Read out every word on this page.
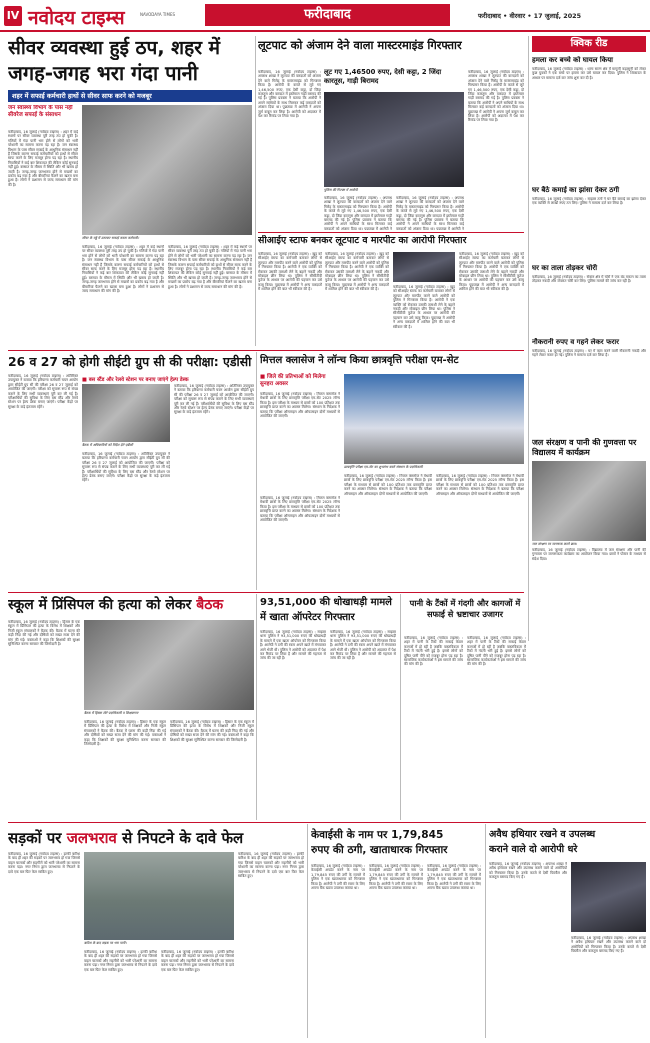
IV नवोदय टाइम्स	NAVODAYA TIMES	फरीदाबाद	फरीदाबाद • वीरवार • 17 जुलाई, 2025
सीवर व्यवस्था हुई ठप, शहर में
जगह-जगह भरा गंदा पानी
शहर में सफाई कर्मचारी हाथों से सीवर साफ करने को मजबूर
जन स्वास्थ्य विभाग के पास नहीं सीवरेज सफाई के संसाधन
सीवर के गड्ढे में उतरकर सफाई करता कर्मचारी।
फरीदाबाद, 16 जुलाई (नवोदय टाइम्स) : शहर में कई स्थानों पर सीवर व्यवस्था पूरी तरह ठप हो चुकी है। गलियों में गंदा पानी भरा होने से लोगों को भारी परेशानी का सामना करना पड़ रहा है। जन स्वास्थ्य विभाग के पास सीवर सफाई के आधुनिक संसाधन नहीं हैं जिसके कारण सफाई कर्मचारियों को हाथों से सीवर साफ करने के लिए मजबूर होना पड़ रहा है। स्थानीय निवासियों ने कई बार शिकायत की लेकिन कोई सुनवाई नहीं हुई। बरसात के मौसम में स्थिति और भी खराब हो जाती है। जगह-जगह जलभराव होने से मच्छरों का प्रकोप बढ़ गया है और बीमारियां फैलने का खतरा बना हुआ है। लोगों ने प्रशासन से जल्द समाधान की मांग की है।
फरीदाबाद, 16 जुलाई (नवोदय टाइम्स) : शहर में कई स्थानों पर सीवर व्यवस्था पूरी तरह ठप हो चुकी है। गलियों में गंदा पानी भरा होने से लोगों को भारी परेशानी का सामना करना पड़ रहा है। जन स्वास्थ्य विभाग के पास सीवर सफाई के आधुनिक संसाधन नहीं हैं जिसके कारण सफाई कर्मचारियों को हाथों से सीवर साफ करने के लिए मजबूर होना पड़ रहा है। स्थानीय निवासियों ने कई बार शिकायत की लेकिन कोई सुनवाई नहीं हुई। बरसात के मौसम में स्थिति और भी खराब हो जाती है। जगह-जगह जलभराव होने से मच्छरों का प्रकोप बढ़ गया है और बीमारियां फैलने का खतरा बना हुआ है। लोगों ने प्रशासन से जल्द समाधान की मांग की है।
फरीदाबाद, 16 जुलाई (नवोदय टाइम्स) : शहर में कई स्थानों पर सीवर व्यवस्था पूरी तरह ठप हो चुकी है। गलियों में गंदा पानी भरा होने से लोगों को भारी परेशानी का सामना करना पड़ रहा है। जन स्वास्थ्य विभाग के पास सीवर सफाई के आधुनिक संसाधन नहीं हैं जिसके कारण सफाई कर्मचारियों को हाथों से सीवर साफ करने के लिए मजबूर होना पड़ रहा है। स्थानीय निवासियों ने कई बार शिकायत की लेकिन कोई सुनवाई नहीं हुई। बरसात के मौसम में स्थिति और भी खराब हो जाती है। जगह-जगह जलभराव होने से मच्छरों का प्रकोप बढ़ गया है और बीमारियां फैलने का खतरा बना हुआ है। लोगों ने प्रशासन से जल्द समाधान की मांग की है।
लूटपाट को अंजाम देने वाला मास्टरमाइंड गिरफ्तार
फरीदाबाद, 16 जुलाई (नवोदय टाइम्स) : अपराध शाखा ने लूटपाट की वारदातों को अंजाम देने वाले गिरोह के मास्टरमाइंड को गिरफ्तार किया है। आरोपी के कब्जे से लूटे गए 1,46,500 रुपए, एक देसी कट्टा, दो जिंदा कारतूस और वारदात में इस्तेमाल गाड़ी बरामद की गई है। पुलिस प्रवक्ता ने बताया कि आरोपी ने अपने साथियों के साथ मिलकर कई वारदातों को अंजाम दिया था। पूछताछ में आरोपी ने अपना जुर्म कबूल कर लिया है। आरोपी को अदालत में पेश कर रिमांड पर लिया गया है।
लूट गए 1,46500 रुपए, देसी कट्टा, 2 जिंदा कारतूस, गाड़ी बिरामद
पुलिस की गिरफ्त में आरोपी
फरीदाबाद, 16 जुलाई (नवोदय टाइम्स) : अपराध शाखा ने लूटपाट की वारदातों को अंजाम देने वाले गिरोह के मास्टरमाइंड को गिरफ्तार किया है। आरोपी के कब्जे से लूटे गए 1,46,500 रुपए, एक देसी कट्टा, दो जिंदा कारतूस और वारदात में इस्तेमाल गाड़ी बरामद की गई है। पुलिस प्रवक्ता ने बताया कि आरोपी ने अपने साथियों के साथ मिलकर कई वारदातों को अंजाम दिया था। पूछताछ में आरोपी ने
फरीदाबाद, 16 जुलाई (नवोदय टाइम्स) : अपराध शाखा ने लूटपाट की वारदातों को अंजाम देने वाले गिरोह के मास्टरमाइंड को गिरफ्तार किया है। आरोपी के कब्जे से लूटे गए 1,46,500 रुपए, एक देसी कट्टा, दो जिंदा कारतूस और वारदात में इस्तेमाल गाड़ी बरामद की गई है। पुलिस प्रवक्ता ने बताया कि आरोपी ने अपने साथियों के साथ मिलकर कई वारदातों को अंजाम दिया था। पूछताछ में आरोपी ने
फरीदाबाद, 16 जुलाई (नवोदय टाइम्स) : अपराध शाखा ने लूटपाट की वारदातों को अंजाम देने वाले गिरोह के मास्टरमाइंड को गिरफ्तार किया है। आरोपी के कब्जे से लूटे गए 1,46,500 रुपए, एक देसी कट्टा, दो जिंदा कारतूस और वारदात में इस्तेमाल गाड़ी बरामद की गई है। पुलिस प्रवक्ता ने बताया कि आरोपी ने अपने साथियों के साथ मिलकर कई वारदातों को अंजाम दिया था। पूछताछ में आरोपी ने अपना जुर्म कबूल कर लिया है। आरोपी को अदालत में पेश कर रिमांड पर लिया गया है।
क्विक रीड
हमला कर बच्चे को घायल किया
फरीदाबाद, 16 जुलाई (नवोदय टाइम्स) : थाना सारन क्षेत्र में मामूली कहासुनी को लेकर कुछ युवकों ने एक बच्चे पर हमला कर उसे घायल कर दिया। पुलिस ने शिकायत के आधार पर मामला दर्ज कर जांच शुरू कर दी है।
घर बैठे कमाई का झांसा देकर ठगी
फरीदाबाद, 16 जुलाई (नवोदय टाइम्स) : साइबर ठगों ने घर बैठे कमाई का झांसा देकर एक व्यक्ति से लाखों रुपए ठग लिए। पुलिस ने मामला दर्ज कर लिया है।
घर का ताला तोड़कर चोरी
फरीदाबाद, 16 जुलाई (नवोदय टाइम्स) : सेक्टर क्षेत्र में चोरों ने एक बंद मकान का ताला तोड़कर नकदी और जेवरात चोरी कर लिए। पुलिस मामले की जांच कर रही है।
नौकरानी रुपए व गहने लेकर फरार
फरीदाबाद, 16 जुलाई (नवोदय टाइम्स) : घर में काम करने वाली नौकरानी नकदी और गहने लेकर फरार हो गई। पुलिस ने मामला दर्ज कर लिया है।
जल संरक्षण व पानी की गुणवत्ता पर विद्यालय में कार्यक्रम
जल संरक्षण पर जागरूक करते छात्र।
फरीदाबाद, 16 जुलाई (नवोदय टाइम्स) : विद्यालय में जल संरक्षण और पानी की गुणवत्ता पर जागरूकता कार्यक्रम का आयोजन किया गया। छात्रों ने पोस्टर के माध्यम से संदेश दिया।
सीआईए स्टाफ बनकर लूटपाट व मारपीट का आरोपी गिरफ्तार
फरीदाबाद, 16 जुलाई (नवोदय टाइम्स) : खुद को सीआईए स्टाफ का कर्मचारी बताकर लोगों से लूटपाट और मारपीट करने वाले आरोपी को पुलिस ने गिरफ्तार किया है। आरोपी ने एक व्यक्ति को रोककर उसकी तलाशी लेने के बहाने नकदी और मोबाइल छीन लिया था। पुलिस ने सीसीटीवी फुटेज के आधार पर आरोपी की पहचान कर उसे काबू किया। पूछताछ में आरोपी ने अन्य वारदातों में शामिल होने की बात भी स्वीकार की है।
फरीदाबाद, 16 जुलाई (नवोदय टाइम्स) : खुद को सीआईए स्टाफ का कर्मचारी बताकर लोगों से लूटपाट और मारपीट करने वाले आरोपी को पुलिस ने गिरफ्तार किया है। आरोपी ने एक व्यक्ति को रोककर उसकी तलाशी लेने के बहाने नकदी और मोबाइल छीन लिया था। पुलिस ने सीसीटीवी फुटेज के आधार पर आरोपी की पहचान कर उसे काबू किया। पूछताछ में आरोपी ने अन्य वारदातों में शामिल होने की बात भी स्वीकार की है।
फरीदाबाद, 16 जुलाई (नवोदय टाइम्स) : खुद को सीआईए स्टाफ का कर्मचारी बताकर लोगों से लूटपाट और मारपीट करने वाले आरोपी को पुलिस ने गिरफ्तार किया है। आरोपी ने एक व्यक्ति को रोककर उसकी तलाशी लेने के बहाने नकदी और मोबाइल छीन लिया था। पुलिस ने सीसीटीवी फुटेज के आधार पर आरोपी की पहचान कर उसे काबू किया। पूछताछ में आरोपी ने अन्य वारदातों में शामिल होने की बात भी स्वीकार की है।
फरीदाबाद, 16 जुलाई (नवोदय टाइम्स) : खुद को सीआईए स्टाफ का कर्मचारी बताकर लोगों से लूटपाट और मारपीट करने वाले आरोपी को पुलिस ने गिरफ्तार किया है। आरोपी ने एक व्यक्ति को रोककर उसकी तलाशी लेने के बहाने नकदी और मोबाइल छीन लिया था। पुलिस ने सीसीटीवी फुटेज के आधार पर आरोपी की पहचान कर उसे काबू किया। पूछताछ में आरोपी ने अन्य वारदातों में शामिल होने की बात भी स्वीकार की है।
26 व 27 को होगी सीईटी ग्रुप सी की परीक्षा: एडीसी
फरीदाबाद, 16 जुलाई (नवोदय टाइम्स) : अतिरिक्त उपायुक्त ने बताया कि हरियाणा कर्मचारी चयन आयोग द्वारा सीईटी ग्रुप सी की परीक्षा 26 व 27 जुलाई को आयोजित की जाएगी। परीक्षा को सुचारू रूप से संपन्न कराने के लिए सभी व्यवस्थाएं पूरी कर ली गई हैं। परीक्षार्थियों की सुविधा के लिए बस स्टैंड और रेलवे स्टेशन पर हेल्प डेस्क बनाए जाएंगे। परीक्षा केंद्रों पर सुरक्षा के कड़े इंतजाम रहेंगे।
■ बस स्टैंड और रेलवे स्टेशन पर बनाए जाएंगे हेल्प डेस्क
बैठक में अधिकारियों को निर्देश देते एडीसी
फरीदाबाद, 16 जुलाई (नवोदय टाइम्स) : अतिरिक्त उपायुक्त ने बताया कि हरियाणा कर्मचारी चयन आयोग द्वारा सीईटी ग्रुप सी की परीक्षा 26 व 27 जुलाई को आयोजित की जाएगी। परीक्षा को सुचारू रूप से संपन्न कराने के लिए सभी व्यवस्थाएं पूरी कर ली गई हैं। परीक्षार्थियों की सुविधा के लिए बस स्टैंड और रेलवे स्टेशन पर हेल्प डेस्क बनाए जाएंगे। परीक्षा केंद्रों पर सुरक्षा के कड़े इंतजाम रहेंगे।
फरीदाबाद, 16 जुलाई (नवोदय टाइम्स) : अतिरिक्त उपायुक्त ने बताया कि हरियाणा कर्मचारी चयन आयोग द्वारा सीईटी ग्रुप सी की परीक्षा 26 व 27 जुलाई को आयोजित की जाएगी। परीक्षा को सुचारू रूप से संपन्न कराने के लिए सभी व्यवस्थाएं पूरी कर ली गई हैं। परीक्षार्थियों की सुविधा के लिए बस स्टैंड और रेलवे स्टेशन पर हेल्प डेस्क बनाए जाएंगे। परीक्षा केंद्रों पर सुरक्षा के कड़े इंतजाम रहेंगे।
मित्तल क्लासेज ने लॉन्च किया छात्रवृत्ति परीक्षा एम-सेट
■ जिले की प्रतिभाओं को मिलेगा सुनहरा अवसर
फरीदाबाद, 16 जुलाई (नवोदय टाइम्स) : मित्तल क्लासेज ने मेधावी छात्रों के लिए छात्रवृत्ति परीक्षा एम-सेट 2025 लॉन्च किया है। इस परीक्षा के माध्यम से छात्रों को 100 प्रतिशत तक छात्रवृत्ति प्राप्त करने का अवसर मिलेगा। संस्थान के निदेशक ने बताया कि परीक्षा ऑनलाइन और ऑफलाइन दोनों माध्यमों से आयोजित की जाएगी।
छात्रवृत्ति परीक्षा एम-सेट का शुभारंभ करते संस्थान के पदाधिकारी
फरीदाबाद, 16 जुलाई (नवोदय टाइम्स) : मित्तल क्लासेज ने मेधावी छात्रों के लिए छात्रवृत्ति परीक्षा एम-सेट 2025 लॉन्च किया है। इस परीक्षा के माध्यम से छात्रों को 100 प्रतिशत तक छात्रवृत्ति प्राप्त करने का अवसर मिलेगा। संस्थान के निदेशक ने बताया कि परीक्षा ऑनलाइन और ऑफलाइन दोनों माध्यमों से आयोजित की जाएगी।
फरीदाबाद, 16 जुलाई (नवोदय टाइम्स) : मित्तल क्लासेज ने मेधावी छात्रों के लिए छात्रवृत्ति परीक्षा एम-सेट 2025 लॉन्च किया है। इस परीक्षा के माध्यम से छात्रों को 100 प्रतिशत तक छात्रवृत्ति प्राप्त करने का अवसर मिलेगा। संस्थान के निदेशक ने बताया कि परीक्षा ऑनलाइन और ऑफलाइन दोनों माध्यमों से आयोजित की जाएगी।
फरीदाबाद, 16 जुलाई (नवोदय टाइम्स) : मित्तल क्लासेज ने मेधावी छात्रों के लिए छात्रवृत्ति परीक्षा एम-सेट 2025 लॉन्च किया है। इस परीक्षा के माध्यम से छात्रों को 100 प्रतिशत तक छात्रवृत्ति प्राप्त करने का अवसर मिलेगा। संस्थान के निदेशक ने बताया कि परीक्षा ऑनलाइन और ऑफलाइन दोनों माध्यमों से आयोजित की जाएगी।
स्कूल में प्रिंसिपल की हत्या को लेकर बैठक
फरीदाबाद, 16 जुलाई (नवोदय टाइम्स) : हिसार के एक स्कूल में प्रिंसिपल की हत्या के विरोध में शिक्षकों और निजी स्कूल संचालकों ने बैठक की। बैठक में घटना की कड़ी निंदा की गई और दोषियों को सख्त सजा देने की मांग की गई। वक्ताओं ने कहा कि शिक्षकों की सुरक्षा सुनिश्चित करना सरकार की जिम्मेदारी है।
बैठक में हिस्सा लेते पदाधिकारी व शिक्षकगण
फरीदाबाद, 16 जुलाई (नवोदय टाइम्स) : हिसार के एक स्कूल में प्रिंसिपल की हत्या के विरोध में शिक्षकों और निजी स्कूल संचालकों ने बैठक की। बैठक में घटना की कड़ी निंदा की गई और दोषियों को सख्त सजा देने की मांग की गई। वक्ताओं ने कहा कि शिक्षकों की सुरक्षा सुनिश्चित करना सरकार की जिम्मेदारी है।
फरीदाबाद, 16 जुलाई (नवोदय टाइम्स) : हिसार के एक स्कूल में प्रिंसिपल की हत्या के विरोध में शिक्षकों और निजी स्कूल संचालकों ने बैठक की। बैठक में घटना की कड़ी निंदा की गई और दोषियों को सख्त सजा देने की मांग की गई। वक्ताओं ने कहा कि शिक्षकों की सुरक्षा सुनिश्चित करना सरकार की जिम्मेदारी है।
93,51,000 की धोखाधड़ी मामले
में खाता ऑपरेटर गिरफ्तार
फरीदाबाद, 16 जुलाई (नवोदय टाइम्स) : साइबर थाना पुलिस ने 93,51,000 रुपए की धोखाधड़ी के मामले में एक खाता ऑपरेटर को गिरफ्तार किया है। आरोपी ने ठगी की रकम अपने खाते में मंगवाकर आगे भेजी थी। पुलिस ने आरोपी को अदालत में पेश कर रिमांड पर लिया है और मामले की गहनता से जांच की जा रही है।
फरीदाबाद, 16 जुलाई (नवोदय टाइम्स) : साइबर थाना पुलिस ने 93,51,000 रुपए की धोखाधड़ी के मामले में एक खाता ऑपरेटर को गिरफ्तार किया है। आरोपी ने ठगी की रकम अपने खाते में मंगवाकर आगे भेजी थी। पुलिस ने आरोपी को अदालत में पेश कर रिमांड पर लिया है और मामले की गहनता से जांच की जा रही है।
पानी के टैंकों में गंदगी और कागजों में सफाई से भ्रष्टाचार उजागर
फरीदाबाद, 16 जुलाई (नवोदय टाइम्स) : शहर में पानी के टैंकों की सफाई केवल कागजों में हो रही है जबकि वास्तविकता में टैंकों में गंदगी भरी हुई है। इससे लोगों को दूषित पानी पीने को मजबूर होना पड़ रहा है। सामाजिक कार्यकर्ताओं ने इस मामले की जांच की मांग की है।
फरीदाबाद, 16 जुलाई (नवोदय टाइम्स) : शहर में पानी के टैंकों की सफाई केवल कागजों में हो रही है जबकि वास्तविकता में टैंकों में गंदगी भरी हुई है। इससे लोगों को दूषित पानी पीने को मजबूर होना पड़ रहा है। सामाजिक कार्यकर्ताओं ने इस मामले की जांच की मांग की है।
सड़कों पर जलभराव से निपटने के दावे फेल
फरीदाबाद, 16 जुलाई (नवोदय टाइम्स) : हल्की बारिश के बाद ही शहर की सड़कों पर जलभराव हो गया जिससे वाहन चालकों और राहगीरों को भारी परेशानी का सामना करना पड़ा। नगर निगम द्वारा जलभराव से निपटने के दावे एक बार फिर फेल साबित हुए।
बारिश के बाद सड़क पर भरा पानी।
फरीदाबाद, 16 जुलाई (नवोदय टाइम्स) : हल्की बारिश के बाद ही शहर की सड़कों पर जलभराव हो गया जिससे वाहन चालकों और राहगीरों को भारी परेशानी का सामना करना पड़ा। नगर निगम द्वारा जलभराव से निपटने के दावे एक बार फिर फेल साबित हुए।
फरीदाबाद, 16 जुलाई (नवोदय टाइम्स) : हल्की बारिश के बाद ही शहर की सड़कों पर जलभराव हो गया जिससे वाहन चालकों और राहगीरों को भारी परेशानी का सामना करना पड़ा। नगर निगम द्वारा जलभराव से निपटने के दावे एक बार फिर फेल साबित हुए।
फरीदाबाद, 16 जुलाई (नवोदय टाइम्स) : हल्की बारिश के बाद ही शहर की सड़कों पर जलभराव हो गया जिससे वाहन चालकों और राहगीरों को भारी परेशानी का सामना करना पड़ा। नगर निगम द्वारा जलभराव से निपटने के दावे एक बार फिर फेल साबित हुए।
केवाईसी के नाम पर 1,79,845
रुपए की ठगी, खाताधारक गिरफ्तार
फरीदाबाद, 16 जुलाई (नवोदय टाइम्स) : केवाईसी अपडेट करने के नाम पर 1,79,845 रुपए की ठगी के मामले में पुलिस ने एक खाताधारक को गिरफ्तार किया है। आरोपी ने ठगी की रकम के लिए अपना बैंक खाता उपलब्ध कराया था।
फरीदाबाद, 16 जुलाई (नवोदय टाइम्स) : केवाईसी अपडेट करने के नाम पर 1,79,845 रुपए की ठगी के मामले में पुलिस ने एक खाताधारक को गिरफ्तार किया है। आरोपी ने ठगी की रकम के लिए अपना बैंक खाता उपलब्ध कराया था।
फरीदाबाद, 16 जुलाई (नवोदय टाइम्स) : केवाईसी अपडेट करने के नाम पर 1,79,845 रुपए की ठगी के मामले में पुलिस ने एक खाताधारक को गिरफ्तार किया है। आरोपी ने ठगी की रकम के लिए अपना बैंक खाता उपलब्ध कराया था।
अवैध हथियार रखने व उपलब्ध
कराने वाले दो आरोपी धरे
फरीदाबाद, 16 जुलाई (नवोदय टाइम्स) : अपराध शाखा ने अवैध हथियार रखने और उपलब्ध कराने वाले दो आरोपियों को गिरफ्तार किया है। उनके कब्जे से देसी पिस्तौल और कारतूस बरामद किए गए हैं।
फरीदाबाद, 16 जुलाई (नवोदय टाइम्स) : अपराध शाखा ने अवैध हथियार रखने और उपलब्ध कराने वाले दो आरोपियों को गिरफ्तार किया है। उनके कब्जे से देसी पिस्तौल और कारतूस बरामद किए गए हैं।
